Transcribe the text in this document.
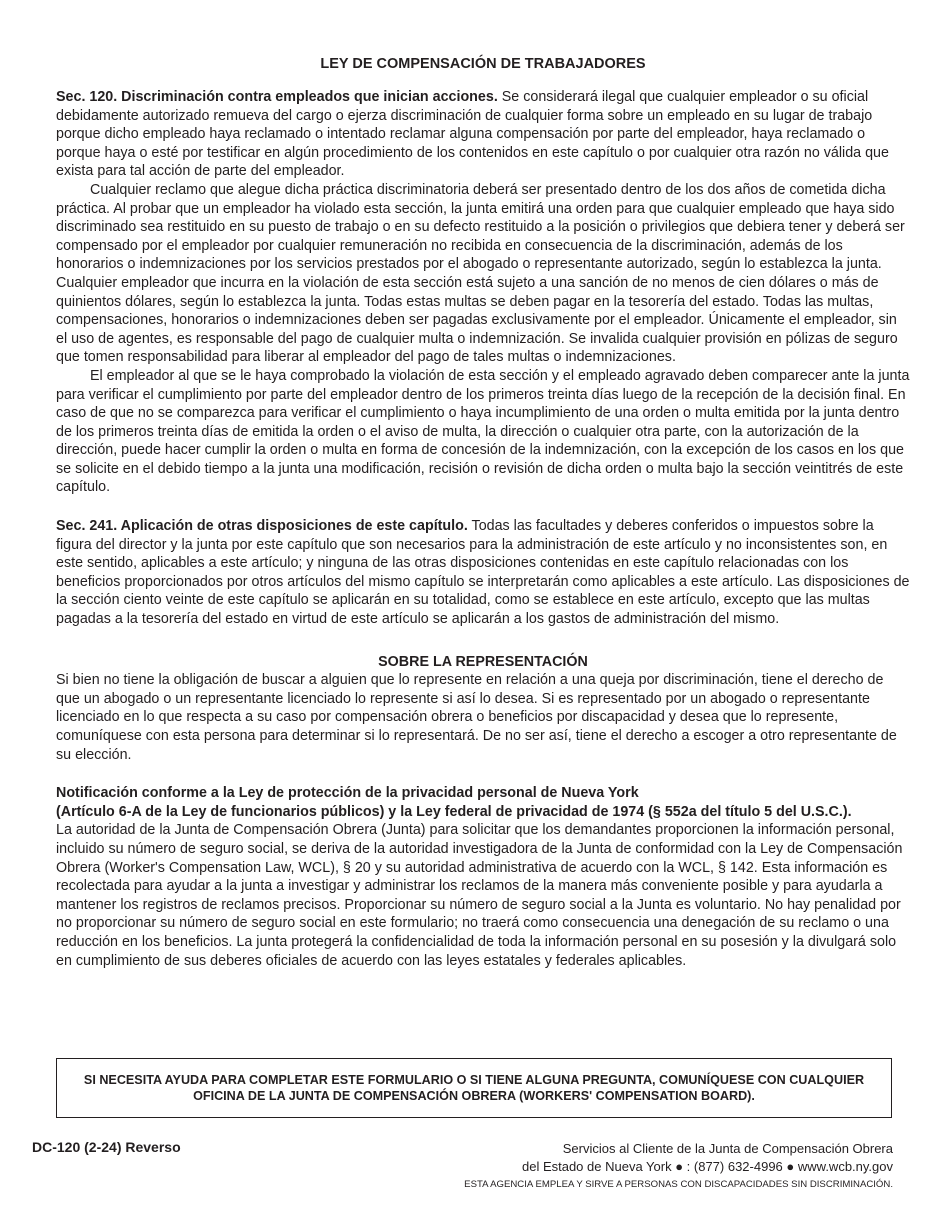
LEY DE COMPENSACIÓN DE TRABAJADORES

Sec. 120. Discriminación contra empleados que inician acciones. Se considerará ilegal que cualquier empleador o su oficial debidamente autorizado remueva del cargo o ejerza discriminación de cualquier forma sobre un empleado en su lugar de trabajo porque dicho empleado haya reclamado o intentado reclamar alguna compensación por parte del empleador, haya reclamado o porque haya o esté por testificar en algún procedimiento de los contenidos en este capítulo o por cualquier otra razón no válida que exista para tal acción de parte del empleador.

Cualquier reclamo que alegue dicha práctica discriminatoria deberá ser presentado dentro de los dos años de cometida dicha práctica. Al probar que un empleador ha violado esta sección, la junta emitirá una orden para que cualquier empleado que haya sido discriminado sea restituido en su puesto de trabajo o en su defecto restituido a la posición o privilegios que debiera tener y deberá ser compensado por el empleador por cualquier remuneración no recibida en consecuencia de la discriminación, además de los honorarios o indemnizaciones por los servicios prestados por el abogado o representante autorizado, según lo establezca la junta. Cualquier empleador que incurra en la violación de esta sección está sujeto a una sanción de no menos de cien dólares o más de quinientos dólares, según lo establezca la junta. Todas estas multas se deben pagar en la tesorería del estado. Todas las multas, compensaciones, honorarios o indemnizaciones deben ser pagadas exclusivamente por el empleador. Únicamente el empleador, sin el uso de agentes, es responsable del pago de cualquier multa o indemnización. Se invalida cualquier provisión en pólizas de seguro que tomen responsabilidad para liberar al empleador del pago de tales multas o indemnizaciones.

El empleador al que se le haya comprobado la violación de esta sección y el empleado agravado deben comparecer ante la junta para verificar el cumplimiento por parte del empleador dentro de los primeros treinta días luego de la recepción de la decisión final. En caso de que no se comparezca para verificar el cumplimiento o haya incumplimiento de una orden o multa emitida por la junta dentro de los primeros treinta días de emitida la orden o el aviso de multa, la dirección o cualquier otra parte, con la autorización de la dirección, puede hacer cumplir la orden o multa en forma de concesión de la indemnización, con la excepción de los casos en los que se solicite en el debido tiempo a la junta una modificación, recisión o revisión de dicha orden o multa bajo la sección veintitrés de este capítulo.

Sec. 241. Aplicación de otras disposiciones de este capítulo. Todas las facultades y deberes conferidos o impuestos sobre la figura del director y la junta por este capítulo que son necesarios para la administración de este artículo y no inconsistentes son, en este sentido, aplicables a este artículo; y ninguna de las otras disposiciones contenidas en este capítulo relacionadas con los beneficios proporcionados por otros artículos del mismo capítulo se interpretarán como aplicables a este artículo. Las disposiciones de la sección ciento veinte de este capítulo se aplicarán en su totalidad, como se establece en este artículo, excepto que las multas pagadas a la tesorería del estado en virtud de este artículo se aplicarán a los gastos de administración del mismo.

SOBRE LA REPRESENTACIÓN

Si bien no tiene la obligación de buscar a alguien que lo represente en relación a una queja por discriminación, tiene el derecho de que un abogado o un representante licenciado lo represente si así lo desea. Si es representado por un abogado o representante licenciado en lo que respecta a su caso por compensación obrera o beneficios por discapacidad y desea que lo represente, comuníquese con esta persona para determinar si lo representará. De no ser así, tiene el derecho a escoger a otro representante de su elección.

Notificación conforme a la Ley de protección de la privacidad personal de Nueva York

(Artículo 6-A de la Ley de funcionarios públicos) y la Ley federal de privacidad de 1974 (§ 552a del título 5 del U.S.C.).

La autoridad de la Junta de Compensación Obrera (Junta) para solicitar que los demandantes proporcionen la información personal, incluido su número de seguro social, se deriva de la autoridad investigadora de la Junta de conformidad con la Ley de Compensación Obrera (Worker's Compensation Law, WCL), § 20 y su autoridad administrativa de acuerdo con la WCL, § 142. Esta información es recolectada para ayudar a la junta a investigar y administrar los reclamos de la manera más conveniente posible y para ayudarla a mantener los registros de reclamos precisos. Proporcionar su número de seguro social a la Junta es voluntario. No hay penalidad por no proporcionar su número de seguro social en este formulario; no traerá como consecuencia una denegación de su reclamo o una reducción en los beneficios. La junta protegerá la confidencialidad de toda la información personal en su posesión y la divulgará solo en cumplimiento de sus deberes oficiales de acuerdo con las leyes estatales y federales aplicables.

SI NECESITA AYUDA PARA COMPLETAR ESTE FORMULARIO O SI TIENE ALGUNA PREGUNTA, COMUNÍQUESE CON CUALQUIER OFICINA DE LA JUNTA DE COMPENSACIÓN OBRERA (WORKERS' COMPENSATION BOARD).
DC-120 (2-24) Reverso	Servicios al Cliente de la Junta de Compensación Obrera
del Estado de Nueva York ● : (877) 632-4996 ● www.wcb.ny.gov
ESTA AGENCIA EMPLEA Y SIRVE A PERSONAS CON DISCAPACIDADES SIN DISCRIMINACIÓN.
